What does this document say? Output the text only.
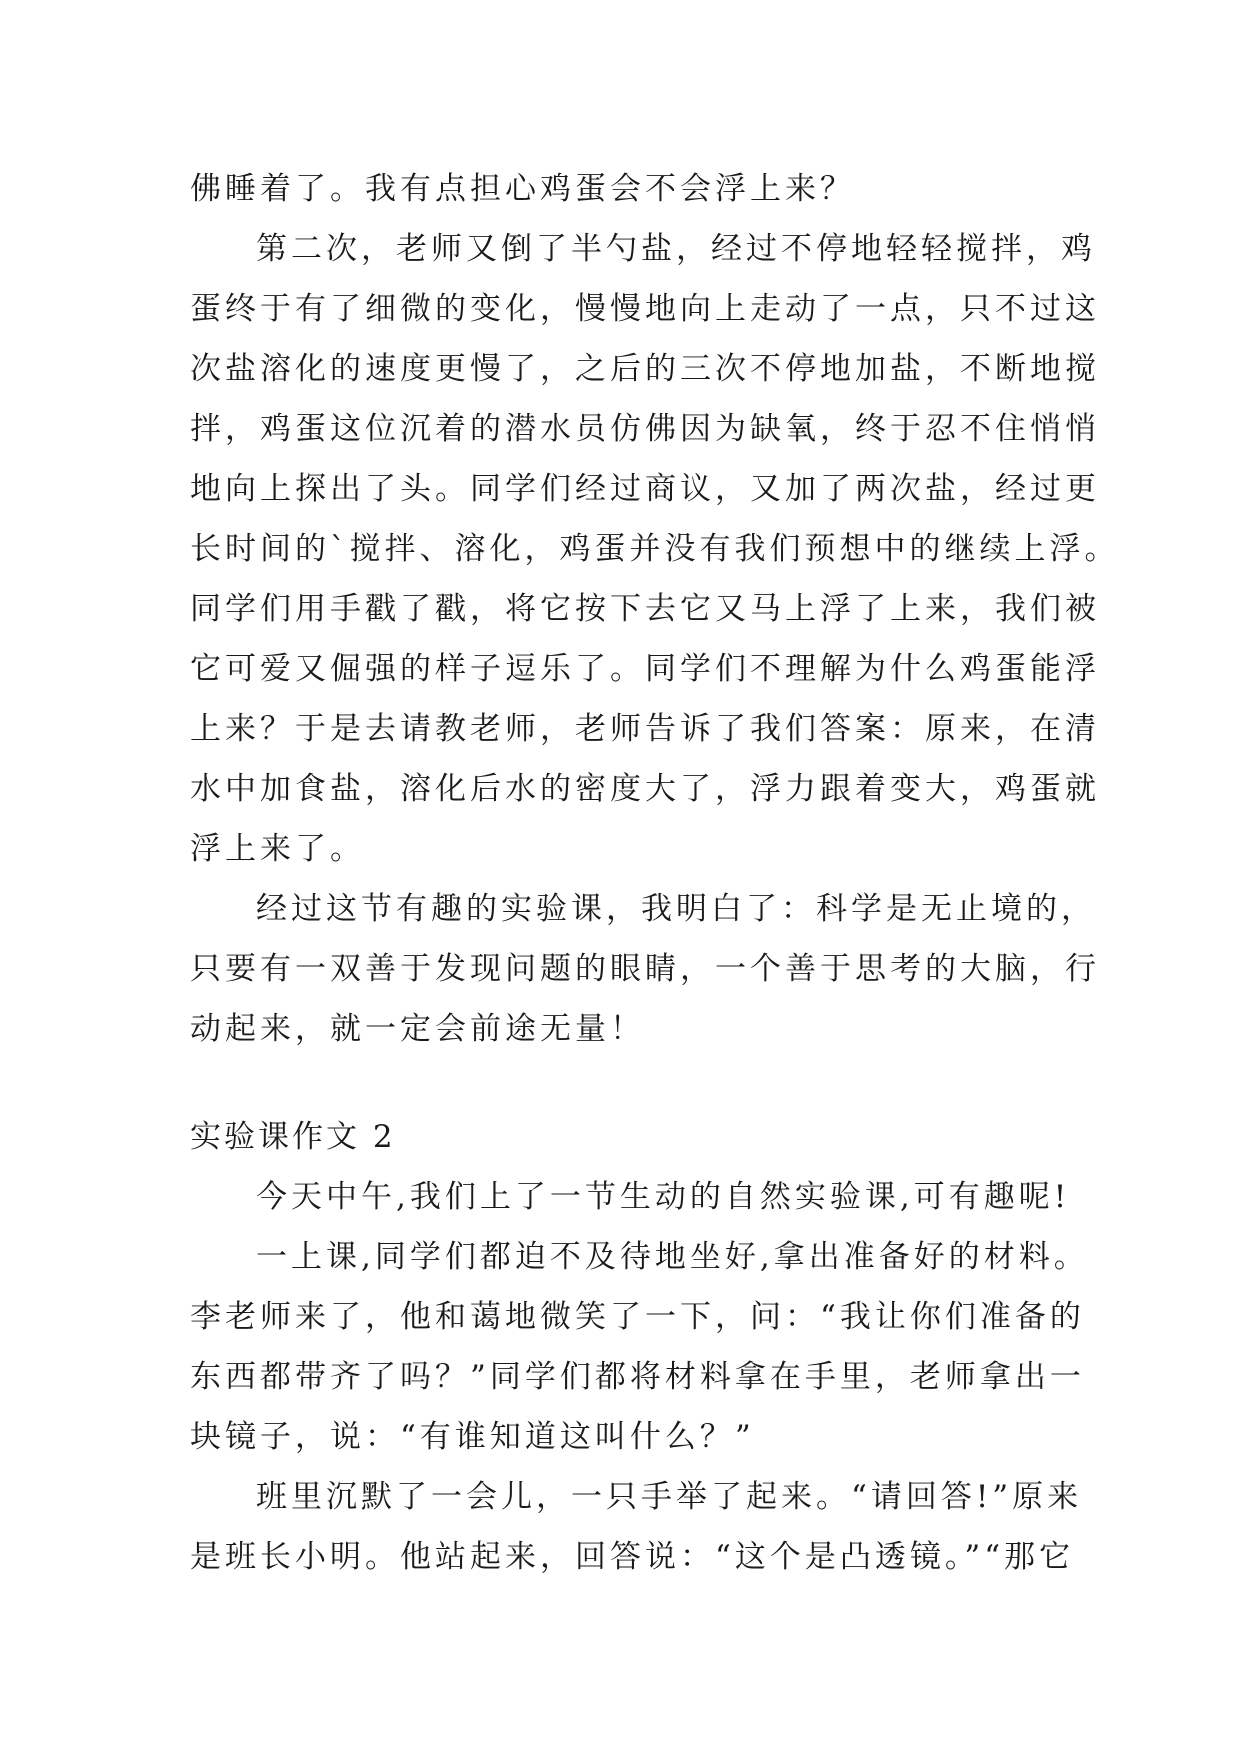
佛睡着了。我有点担心鸡蛋会不会浮上来？
第二次，老师又倒了半勺盐，经过不停地轻轻搅拌，鸡
蛋终于有了细微的变化，慢慢地向上走动了一点，只不过这
次盐溶化的速度更慢了，之后的三次不停地加盐，不断地搅
拌，鸡蛋这位沉着的潜水员仿佛因为缺氧，终于忍不住悄悄
地向上探出了头。同学们经过商议，又加了两次盐，经过更
长时间的`搅拌、溶化，鸡蛋并没有我们预想中的继续上浮。
同学们用手戳了戳，将它按下去它又马上浮了上来，我们被
它可爱又倔强的样子逗乐了。同学们不理解为什么鸡蛋能浮
上来？于是去请教老师，老师告诉了我们答案：原来，在清
水中加食盐，溶化后水的密度大了，浮力跟着变大，鸡蛋就
浮上来了。
经过这节有趣的实验课，我明白了：科学是无止境的，
只要有一双善于发现问题的眼睛，一个善于思考的大脑，行
动起来，就一定会前途无量！
实验课作文 2
今天中午,我们上了一节生动的自然实验课,可有趣呢!
一上课,同学们都迫不及待地坐好,拿出准备好的材料。
李老师来了，他和蔼地微笑了一下，问：“我让你们准备的
东西都带齐了吗？”同学们都将材料拿在手里，老师拿出一
块镜子，说：“有谁知道这叫什么？”
班里沉默了一会儿，一只手举了起来。“请回答!”原来
是班长小明。他站起来，回答说：“这个是凸透镜。”“那它
